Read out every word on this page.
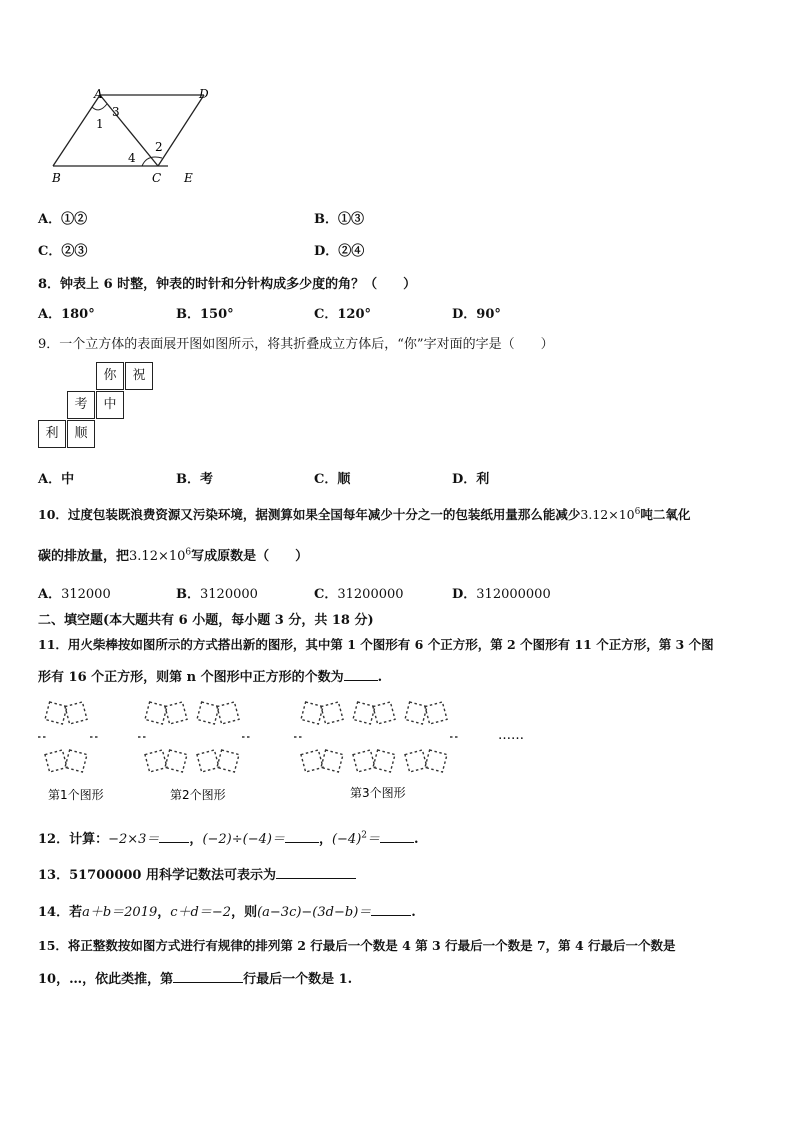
A	D
B	C E
1
2
3
4
A．①②	B．①③
C．②③	D．②④
8．钟表上 6 时整，钟表的时针和分针构成多少度的角？（　　）
A．180°	B．150°	C．120°	D．90°
9．一个立方体的表面展开图如图所示，将其折叠成立方体后，“你”字对面的字是（　　）
你	祝
考	中
利	顺
A．中	B．考	C．顺	D．利
10．过度包装既浪费资源又污染环境，据测算如果全国每年减少十分之一的包装纸用量那么能减少$3.12\times 10^6$吨二氧化
碳的排放量，把$3.12\times 10^6$写成原数是（　　）
A．312000	B．3120000	C．31200000	D．312000000
二、填空题(本大题共有 6 小题，每小题 3 分，共 18 分)
11．用火柴棒按如图所示的方式搭出新的图形，其中第 1 个图形有 6 个正方形，第 2 个图形有 11 个正方形，第 3 个图
形有 16 个正方形，则第 n 个图形中正方形的个数为	.
第1个图形	第2个图形	第3个图形
……
12．计算：−2×3＝ ，(−2)÷(−4)＝	，$(-4)^2=$	.
13．51700000 用科学记数法可表示为
14．若a＋b＝2019，c＋d＝−2，则(a−3c)−(3d−b)＝	.
15．将正整数按如图方式进行有规律的排列第 2 行最后一个数是 4 第 3 行最后一个数是 7，第 4 行最后一个数是
10，…，依此类推，第	行最后一个数是 1.
